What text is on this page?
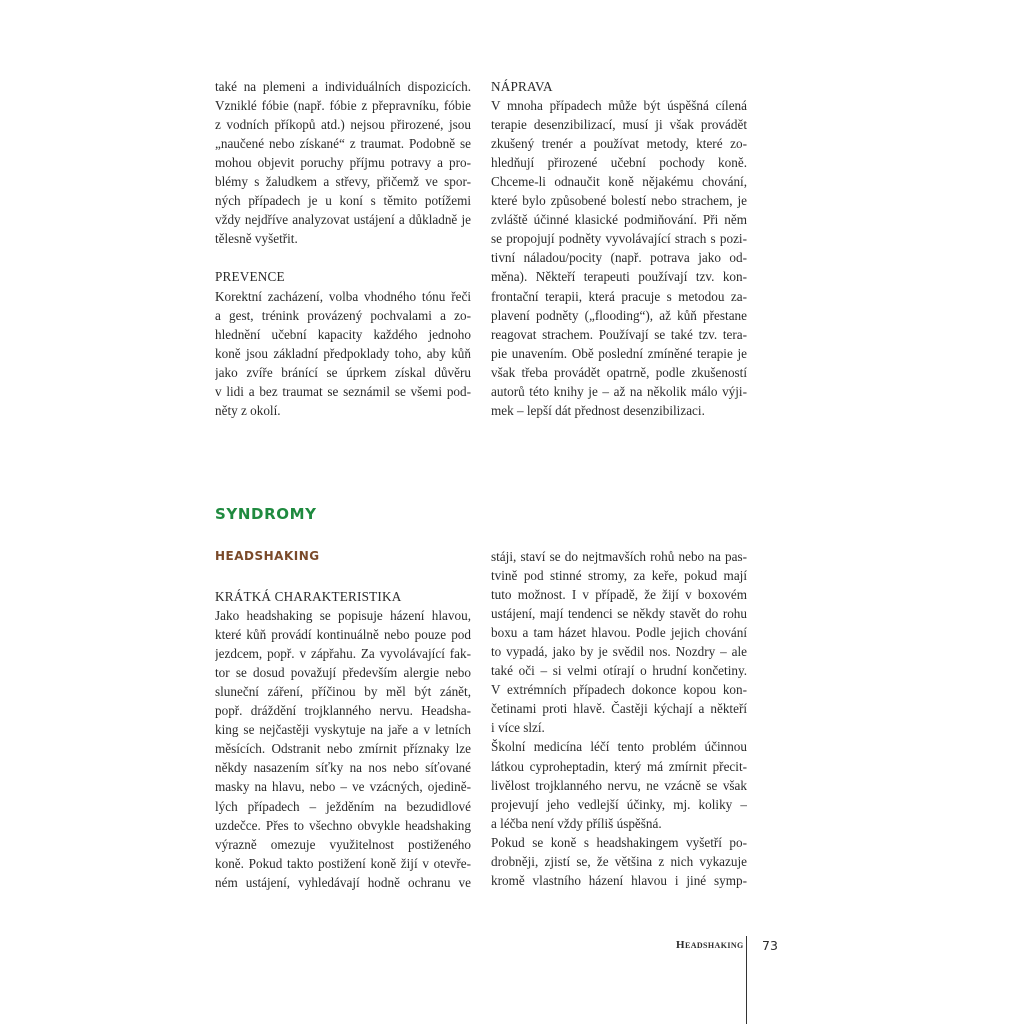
také na plemeni a individuálních dispozicích.
Vzniklé fóbie (např. fóbie z přepravníku, fóbie
z vodních příkopů atd.) nejsou přirozené, jsou
„naučené nebo získané“ z traumat. Podobně se
mohou objevit poruchy příjmu potravy a pro-
blémy s žaludkem a střevy, přičemž ve spor-
ných případech je u koní s těmito potížemi
vždy nejdříve analyzovat ustájení a důkladně je
tělesně vyšetřit.
PREVENCE
Korektní zacházení, volba vhodného tónu řeči
a gest, trénink provázený pochvalami a zo-
hlednění učební kapacity každého jednoho
koně jsou základní předpoklady toho, aby kůň
jako zvíře bránící se úprkem získal důvěru
v lidi a bez traumat se seznámil se všemi pod-
něty z okolí.
NÁPRAVA
V mnoha případech může být úspěšná cílená
terapie desenzibilizací, musí ji však provádět
zkušený trenér a používat metody, které zo-
hledňují přirozené učební pochody koně.
Chceme-li odnaučit koně nějakému chování,
které bylo způsobené bolestí nebo strachem, je
zvláště účinné klasické podmiňování. Při něm
se propojují podněty vyvolávající strach s pozi-
tivní náladou/pocity (např. potrava jako od-
měna). Někteří terapeuti používají tzv. kon-
frontační terapii, která pracuje s metodou za-
plavení podněty („flooding“), až kůň přestane
reagovat strachem. Používají se také tzv. tera-
pie unavením. Obě poslední zmíněné terapie je
však třeba provádět opatrně, podle zkušeností
autorů této knihy je – až na několik málo výji-
mek – lepší dát přednost desenzibilizaci.
SYNDROMY
HEADSHAKING
KRÁTKÁ CHARAKTERISTIKA
Jako headshaking se popisuje házení hlavou,
které kůň provádí kontinuálně nebo pouze pod
jezdcem, popř. v zápřahu. Za vyvolávající fak-
tor se dosud považují především alergie nebo
sluneční záření, příčinou by měl být zánět,
popř. dráždění trojklanného nervu. Headsha-
king se nejčastěji vyskytuje na jaře a v letních
měsících. Odstranit nebo zmírnit příznaky lze
někdy nasazením síťky na nos nebo síťované
masky na hlavu, nebo – ve vzácných, ojedině-
lých případech – ježděním na bezudidlové
uzdečce. Přes to všechno obvykle headshaking
výrazně omezuje využitelnost postiženého
koně. Pokud takto postižení koně žijí v otevře-
ném ustájení, vyhledávají hodně ochranu ve
stáji, staví se do nejtmavších rohů nebo na pas-
tvině pod stinné stromy, za keře, pokud mají
tuto možnost. I v případě, že žijí v boxovém
ustájení, mají tendenci se někdy stavět do rohu
boxu a tam házet hlavou. Podle jejich chování
to vypadá, jako by je svědil nos. Nozdry – ale
také oči – si velmi otírají o hrudní končetiny.
V extrémních případech dokonce kopou kon-
četinami proti hlavě. Častěji kýchají a někteří
i více slzí.
Školní medicína léčí tento problém účinnou
látkou cyproheptadin, který má zmírnit přecit-
livělost trojklanného nervu, ne vzácně se však
projevují jeho vedlejší účinky, mj. koliky –
a léčba není vždy příliš úspěšná.
Pokud se koně s headshakingem vyšetří po-
drobněji, zjistí se, že většina z nich vykazuje
kromě vlastního házení hlavou i jiné symp-
Headshaking 73
